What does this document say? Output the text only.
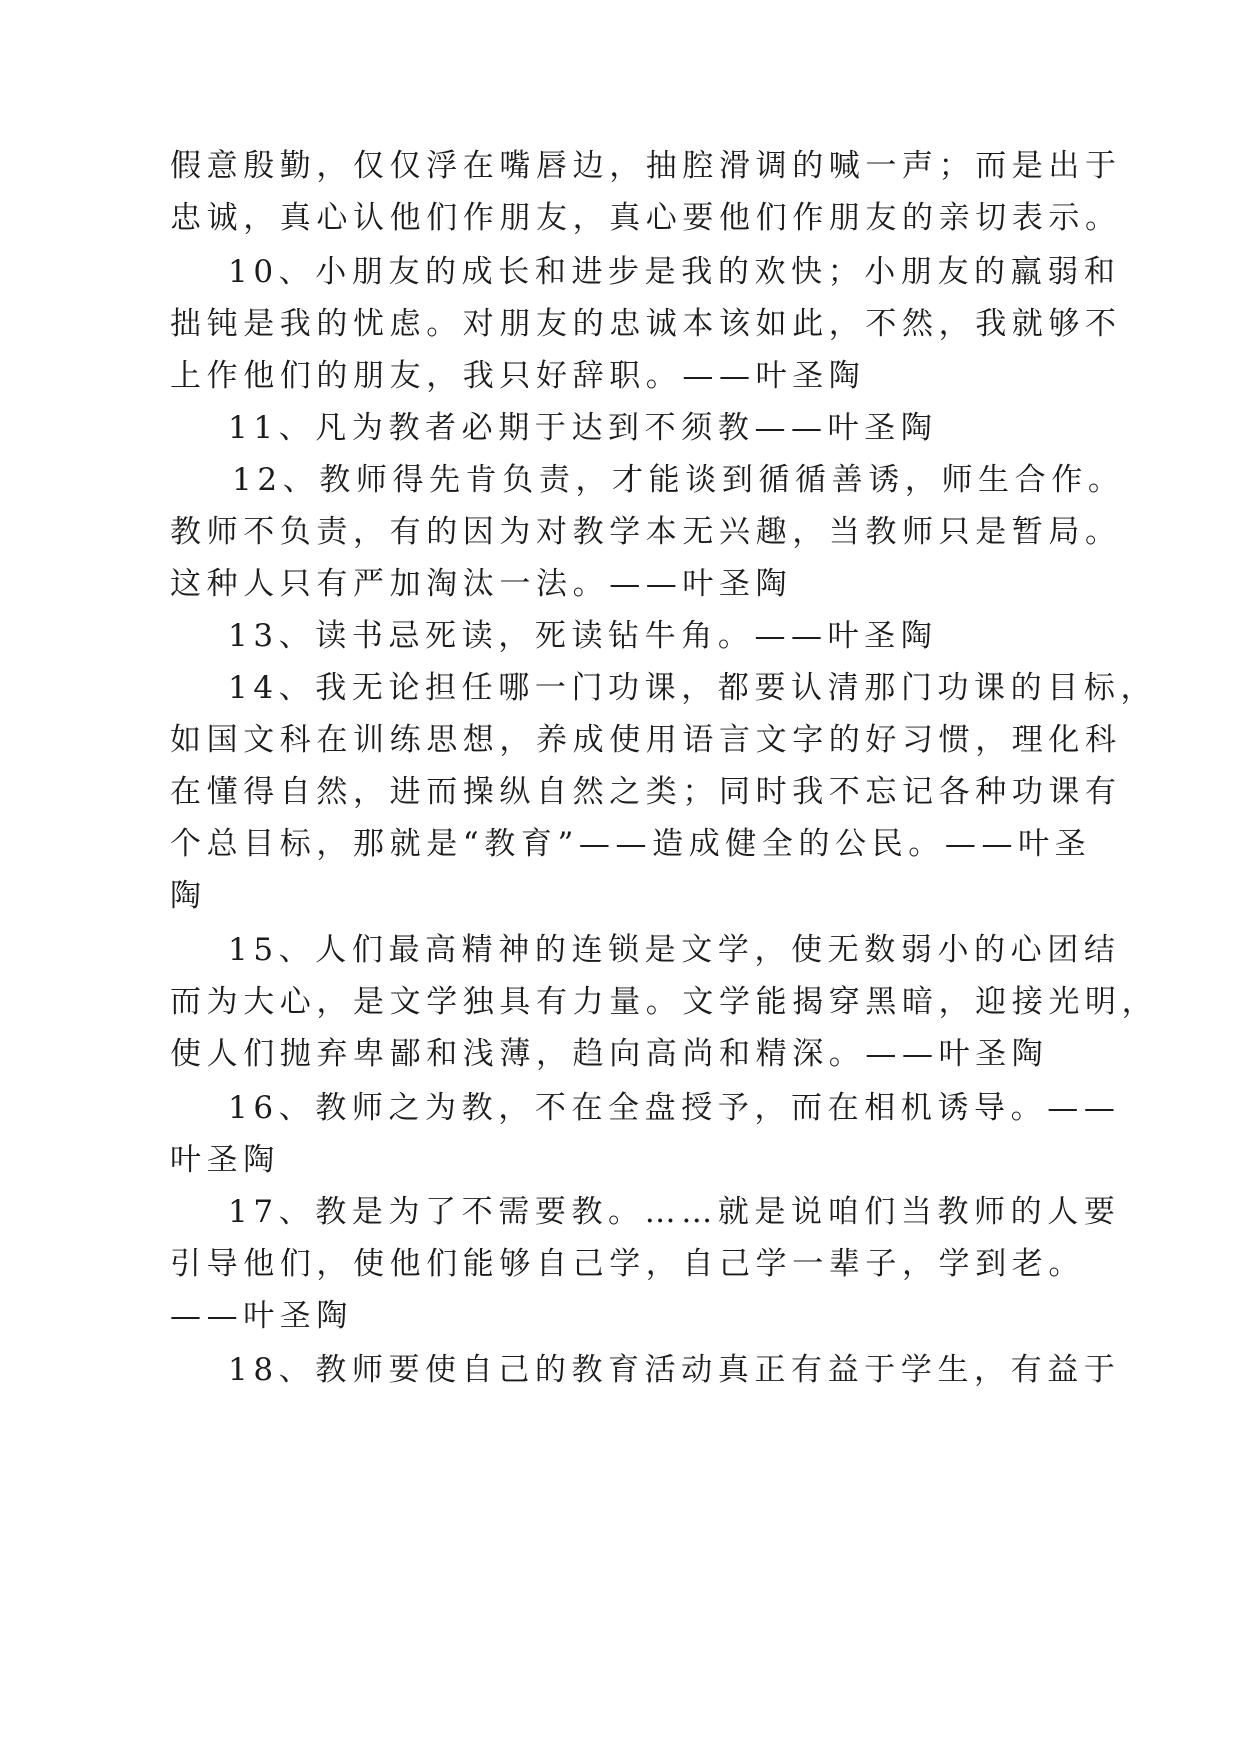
假意殷勤，仅仅浮在嘴唇边，抽腔滑调的喊一声；而是出于
忠诚，真心认他们作朋友，真心要他们作朋友的亲切表示。
10、小朋友的成长和进步是我的欢快；小朋友的羸弱和
拙钝是我的忧虑。对朋友的忠诚本该如此，不然，我就够不
上作他们的朋友，我只好辞职。——叶圣陶
11、凡为教者必期于达到不须教——叶圣陶
12、教师得先肯负责，才能谈到循循善诱，师生合作。
教师不负责，有的因为对教学本无兴趣，当教师只是暂局。
这种人只有严加淘汰一法。——叶圣陶
13、读书忌死读，死读钻牛角。——叶圣陶
14、我无论担任哪一门功课，都要认清那门功课的目标，
如国文科在训练思想，养成使用语言文字的好习惯，理化科
在懂得自然，进而操纵自然之类；同时我不忘记各种功课有
个总目标，那就是“教育”——造成健全的公民。——叶圣
陶
15、人们最高精神的连锁是文学，使无数弱小的心团结
而为大心，是文学独具有力量。文学能揭穿黑暗，迎接光明，
使人们抛弃卑鄙和浅薄，趋向高尚和精深。——叶圣陶
16、教师之为教，不在全盘授予，而在相机诱导。——
叶圣陶
17、教是为了不需要教。……就是说咱们当教师的人要
引导他们，使他们能够自己学，自己学一辈子，学到老。
——叶圣陶
18、教师要使自己的教育活动真正有益于学生，有益于
